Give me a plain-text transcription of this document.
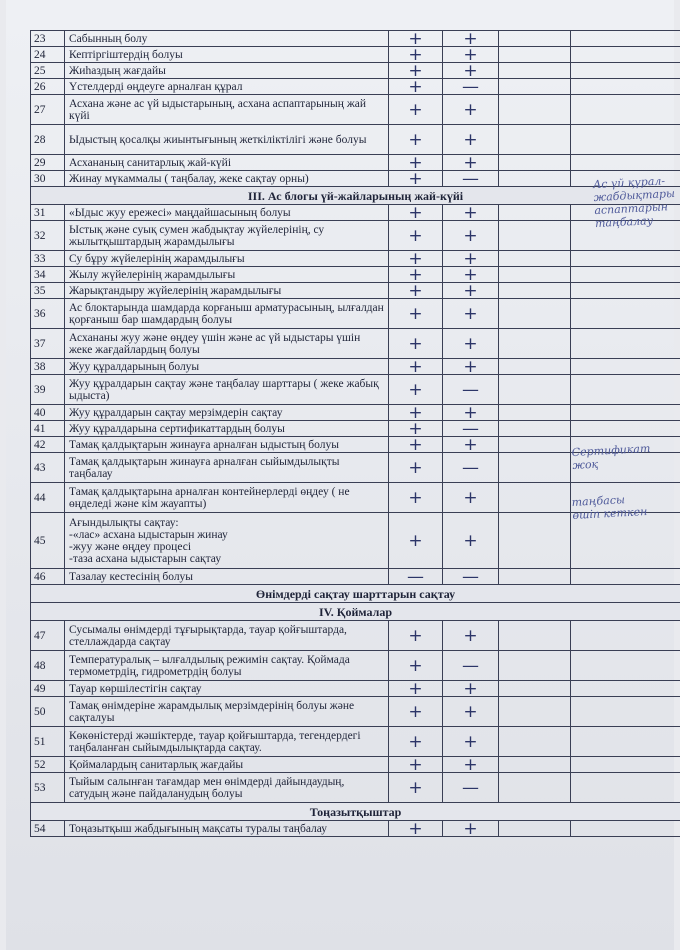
23	Сабынның болу	+	+		
24	Кептіргіштердің болуы	+	+		
25	Жиһаздың жағдайы	+	+		
26	Үстелдерді өңдеуге арналған құрал	+	—		
27	Асхана және ас үй ыдыстарының, асхана аспаптарының жай күйі	+	+		
28	Ыдыстың қосалқы жиынтығының жеткіліктілігі және болуы	+	+		
29	Асхананың санитарлық жай-күйі	+	+		
30	Жинау мүкаммалы ( таңбалау, жеке сақтау орны)	+	—		
III. Ас блогы үй-жайларының жай-күйі					
31	«Ыдыс жуу ережесі» маңдайшасының болуы	+	+		
32	Ыстық және суық сумен жабдықтау жүйелерінің, су жылытқыштардың жарамдылығы	+	+		
33	Су бұру жүйелерінің жарамдылығы	+	+		
34	Жылу жүйелерінің жарамдылығы	+	+		
35	Жарықтандыру жүйелерінің жарамдылығы	+	+		
36	Ас блоктарында шамдарда корғаныш арматурасының, ылғалдан қорғаныш бар шамдардың болуы	+	+		
37	Асхананы жуу және өңдеу үшін және ас үй ыдыстары үшін жеке жағдайлардың болуы	+	+		
38	Жуу құралдарының болуы	+	+		
39	Жуу құралдарын сақтау және таңбалау шарттары ( жеке жабық ыдыста)	+	—		
40	Жуу құралдарын сақтау мерзімдерін сақтау	+	+		
41	Жуу құралдарына сертификаттардың болуы	+	—		
42	Тамақ қалдықтарын жинауға арналған ыдыстың болуы	+	+		
43	Тамақ қалдықтарын жинауға арналған сыйымдылықты таңбалау	+	—		
44	Тамақ қалдықтарына арналған контейнерлерді өңдеу ( не өңделеді және кім жауапты)	+	+		
45	Ағындылықты сақтау:
-«лас» асхана ыдыстарын жинау
-жуу және өңдеу процесі
-таза асхана ыдыстарын сақтау	+	+		
46	Тазалау кестесінің болуы	—	—		
Өнімдерді сақтау шарттарын сақтау					
IV. Қоймалар					
47	Сусымалы өнімдерді тұғырықтарда, тауар қойғыштарда, стеллаждарда сақтау	+	+		
48	Температуралық – ылғалдылық режимін сақтау. Қоймада термометрдің, гидрометрдің болуы	+	—		
49	Тауар көршілестігін сақтау	+	+		
50	Тамақ өнімдеріне жарамдылық мерзімдерінің болуы және сақталуы	+	+		
51	Көкөністерді жәшіктерде, тауар қойғыштарда, тегендердегі таңбаланған сыйымдылықтарда сақтау.	+	+		
52	Қоймалардың санитарлық жағдайы	+	+		
53	Тыйым салынған тағамдар мен өнімдерді дайындаудың, сатудың және пайдаланудың болуы	+	—		
Тоңазытқыштар					
54	Тоңазытқыш жабдығының мақсаты туралы таңбалау	+	+		
Ас үй құрал-жабдықтары
аспаптарын
таңбалау
Сертификат
жоқ
таңбасы
өшіп кеткен
